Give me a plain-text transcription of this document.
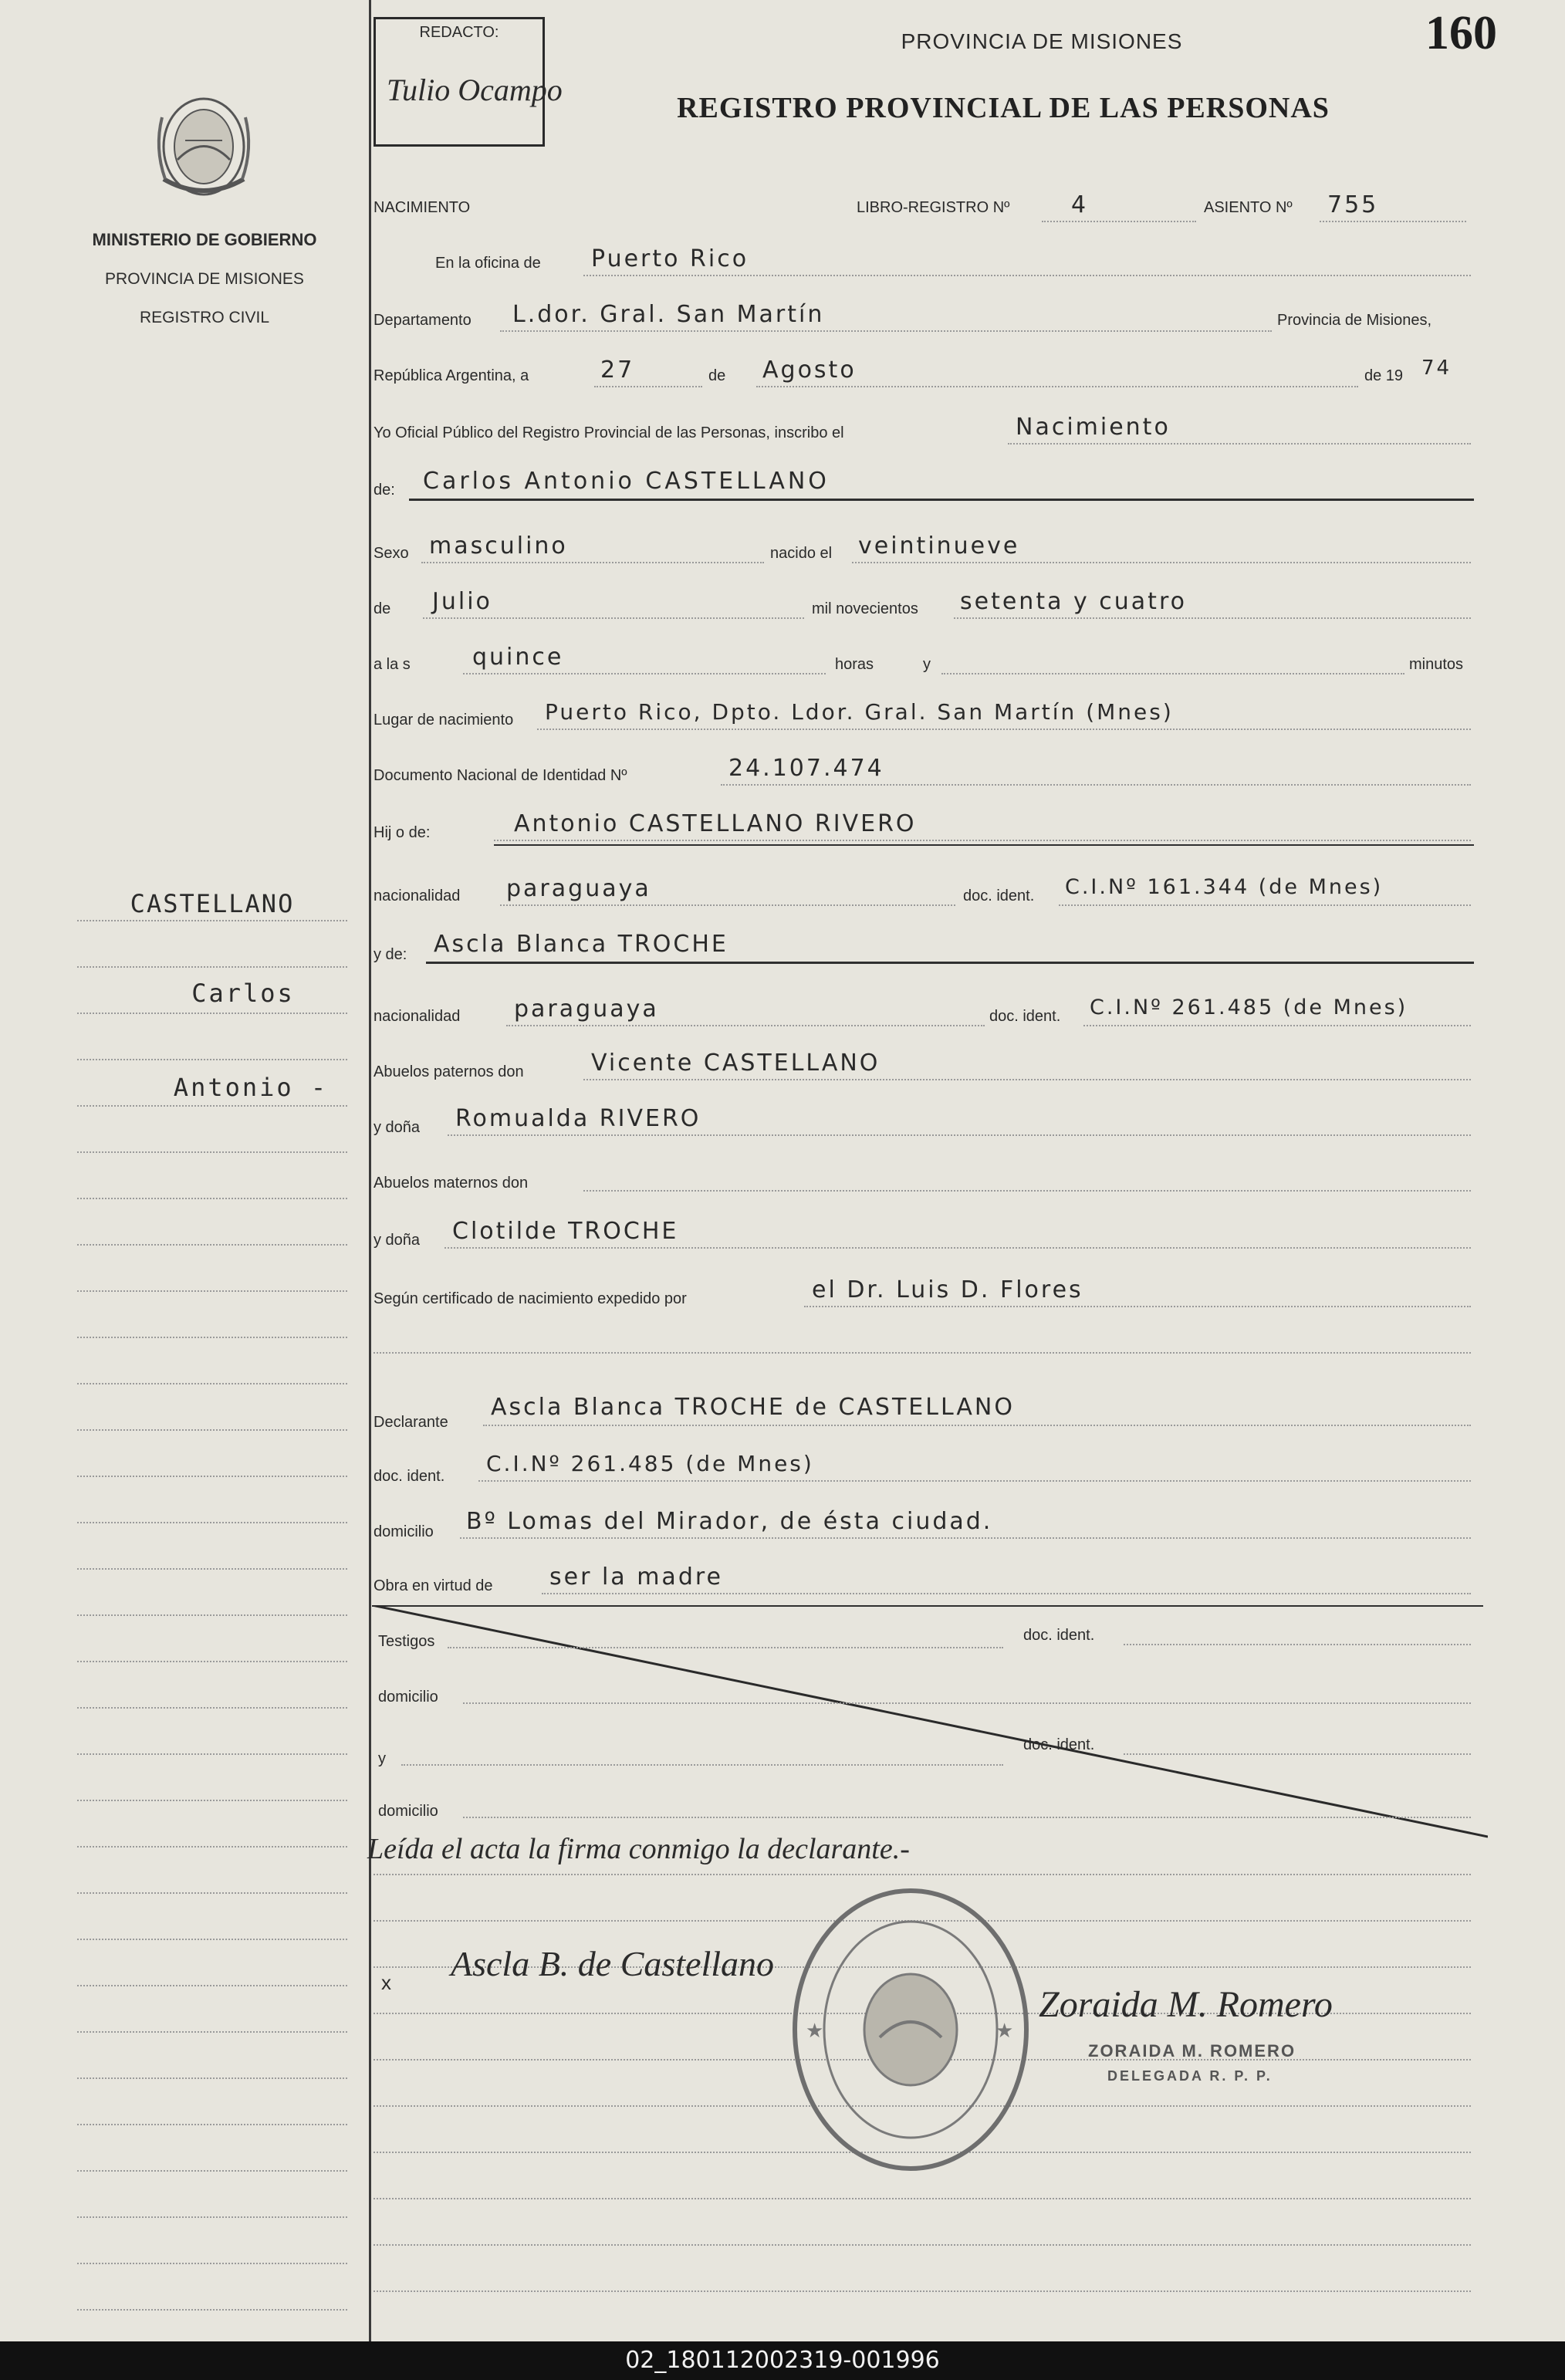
MINISTERIO DE GOBIERNO
PROVINCIA DE MISIONES
REGISTRO CIVIL
CASTELLANO
Carlos
Antonio -
REDACTO:
Tulio Ocampo
PROVINCIA DE MISIONES
REGISTRO PROVINCIAL DE LAS PERSONAS
160
NACIMIENTO	LIBRO-REGISTRO Nº	4	ASIENTO Nº 755
En la oficina de Puerto Rico
Departamento L.dor. Gral. San Martín	Provincia de Misiones,
República Argentina, a	27	de Agosto	de 19 74
Yo Oficial Público del Registro Provincial de las Personas, inscribo el	Nacimiento
de: Carlos Antonio CASTELLANO
Sexo masculino	nacido el veintinueve
de Julio	mil novecientos setenta y cuatro
a la s	quince	horas	y	minutos
Lugar de nacimiento Puerto Rico, Dpto. Ldor. Gral. San Martín (Mnes)
Documento Nacional de Identidad Nº	24.107.474
Hij o de:	Antonio CASTELLANO RIVERO
nacionalidad paraguaya	doc. ident. C.I.Nº 161.344 (de Mnes)
y de: Ascla Blanca TROCHE
nacionalidad paraguaya	doc. ident. C.I.Nº 261.485 (de Mnes)
Abuelos paternos don	Vicente CASTELLANO
y doña Romualda RIVERO
Abuelos maternos don
y doña Clotilde TROCHE
Según certificado de nacimiento expedido por	el Dr. Luis D. Flores
Declarante
Ascla Blanca TROCHE de CASTELLANO
doc. ident. C.I.Nº 261.485 (de Mnes)
domicilio Bº Lomas del Mirador, de ésta ciudad.
Obra en virtud de ser la madre
Testigos	doc. ident.
domicilio
doc. ident.
y
domicilio
Leída el acta la firma conmigo la declarante.-
x Ascla B. de Castellano
★	★
Zoraida M. Romero
ZORAIDA M. ROMERO
DELEGADA R. P. P.
02_180112002319-001996
